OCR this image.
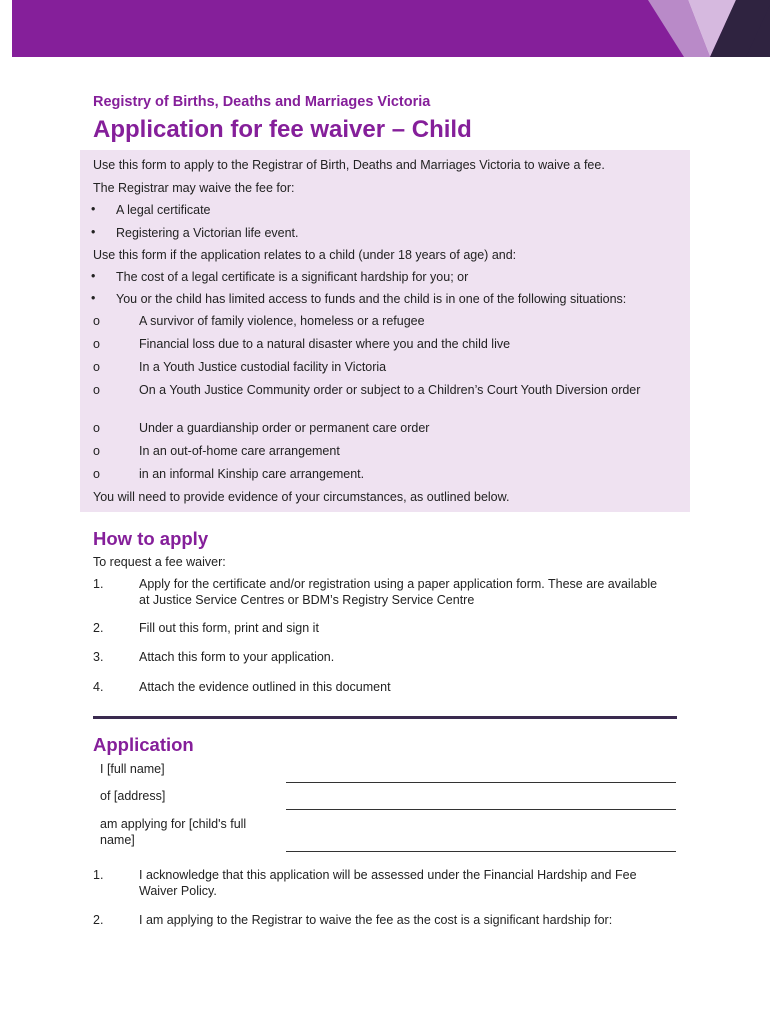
Registry of Births, Deaths and Marriages Victoria
Application for fee waiver – Child
Use this form to apply to the Registrar of Birth, Deaths and Marriages Victoria to waive a fee.
The Registrar may waive the fee for:
• A legal certificate
• Registering a Victorian life event.
Use this form if the application relates to a child (under 18 years of age) and:
• The cost of a legal certificate is a significant hardship for you; or
• You or the child has limited access to funds and the child is in one of the following situations:
o	A survivor of family violence, homeless or a refugee
o	Financial loss due to a natural disaster where you and the child live
o	In a Youth Justice custodial facility in Victoria
o	On a Youth Justice Community order or subject to a Children’s Court Youth Diversion order
o	Under a guardianship order or permanent care order
o	In an out-of-home care arrangement
o	in an informal Kinship care arrangement.
You will need to provide evidence of your circumstances, as outlined below.
How to apply
To request a fee waiver:
1.	Apply for the certificate and/or registration using a paper application form. These are available at Justice Service Centres or BDM’s Registry Service Centre
2.	Fill out this form, print and sign it
3.	Attach this form to your application.
4.	Attach the evidence outlined in this document
Application
I [full name]
of [address]
am applying for [child's full name]
1.	I acknowledge that this application will be assessed under the Financial Hardship and Fee Waiver Policy.
2.	I am applying to the Registrar to waive the fee as the cost is a significant hardship for:
